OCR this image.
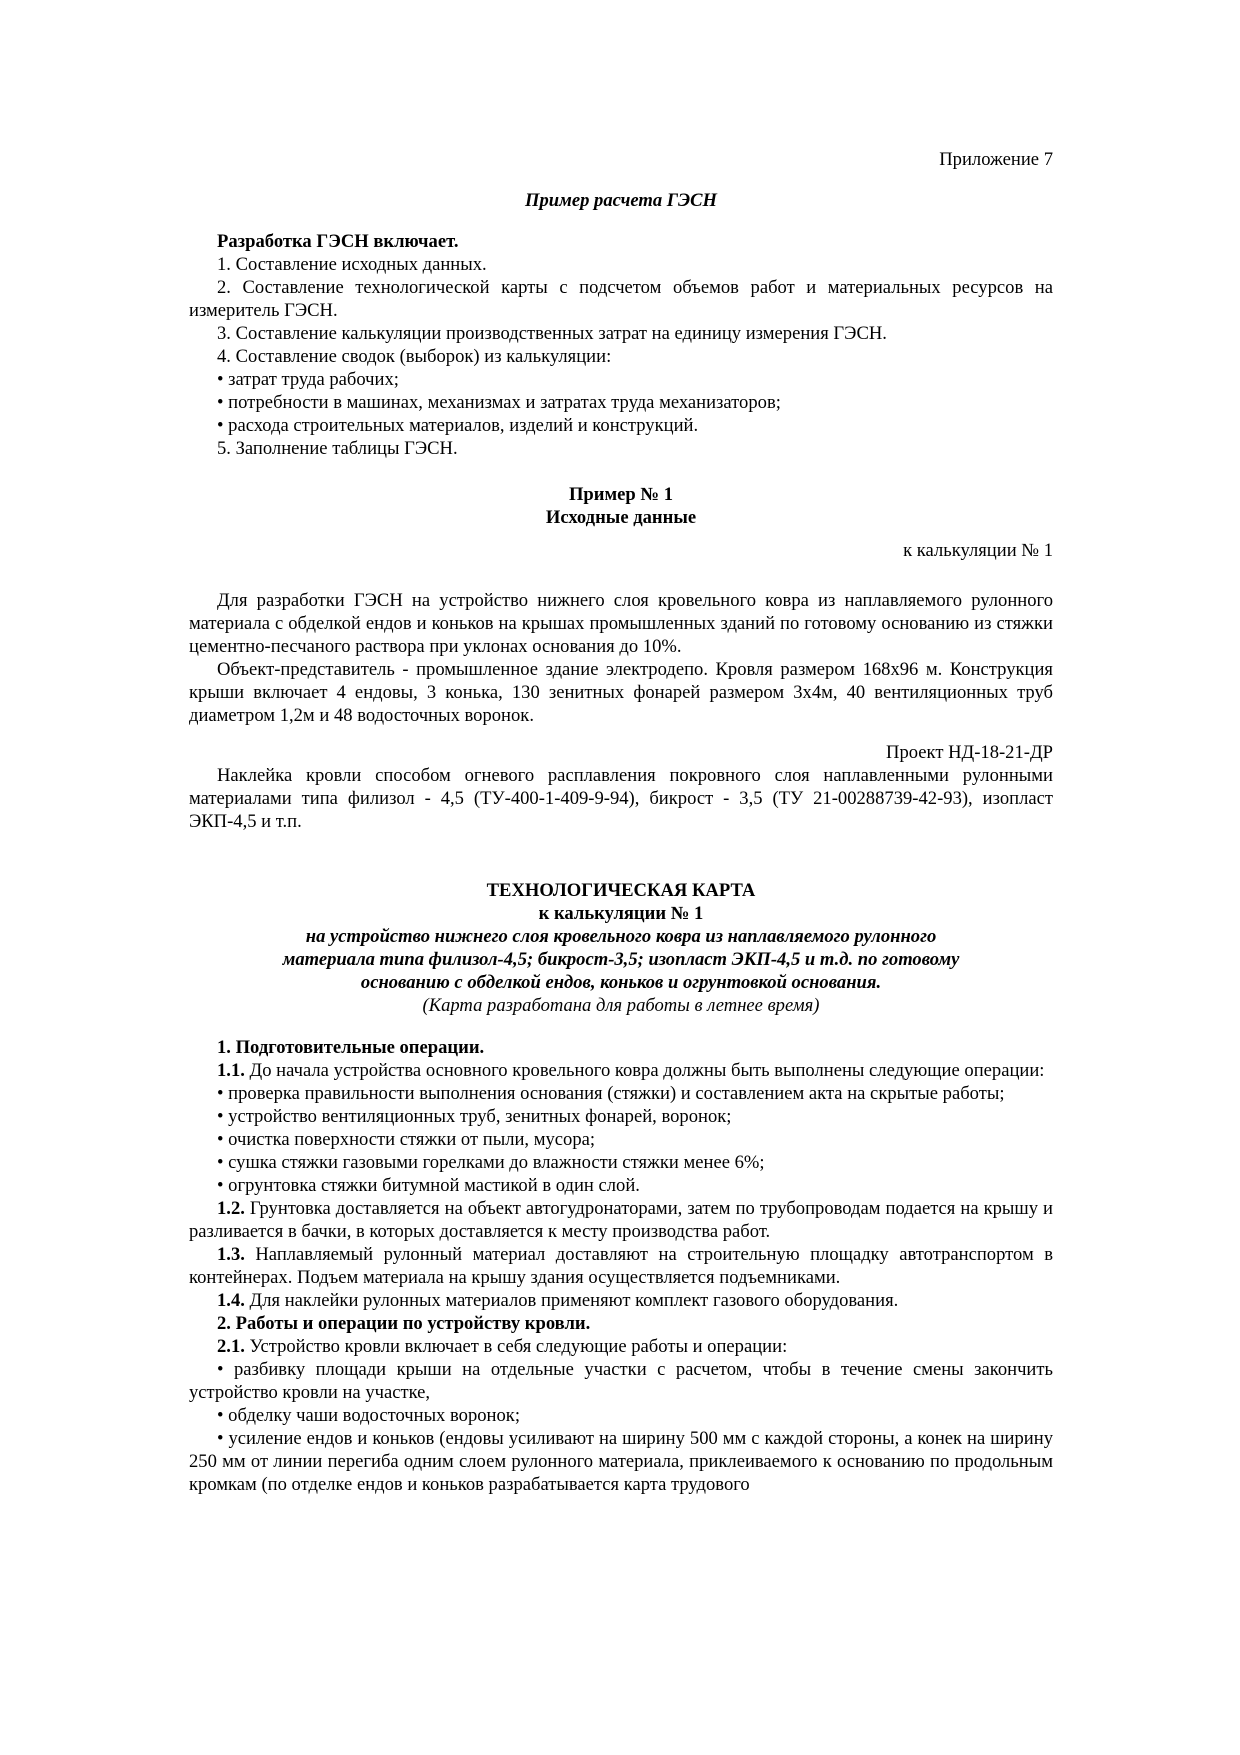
Приложение 7

Пример расчета ГЭСН

Разработка ГЭСН включает.

1. Составление исходных данных.

2. Составление технологической карты с подсчетом объемов работ и материальных ресурсов на измеритель ГЭСН.

3. Составление калькуляции производственных затрат на единицу измерения ГЭСН.

4. Составление сводок (выборок) из калькуляции:

• затрат труда рабочих;

• потребности в машинах, механизмах и затратах труда механизаторов;

• расхода строительных материалов, изделий и конструкций.

5. Заполнение таблицы ГЭСН.

Пример № 1

Исходные данные

к калькуляции № 1

Для разработки ГЭСН на устройство нижнего слоя кровельного ковра из наплавляемого рулонного материала с обделкой ендов и коньков на крышах промышленных зданий по готовому основанию из стяжки цементно-песчаного раствора при уклонах основания до 10%.

Объект-представитель - промышленное здание электродепо. Кровля размером 168х96 м. Конструкция крыши включает 4 ендовы, 3 конька, 130 зенитных фонарей размером 3х4м, 40 вентиляционных труб диаметром 1,2м и 48 водосточных воронок.

Проект НД-18-21-ДР

Наклейка кровли способом огневого расплавления покровного слоя наплавленными рулонными материалами типа филизол - 4,5 (ТУ-400-1-409-9-94), бикрост - 3,5 (ТУ 21-00288739-42-93), изопласт ЭКП-4,5 и т.п.

ТЕХНОЛОГИЧЕСКАЯ КАРТА

к калькуляции № 1

на устройство нижнего слоя кровельного ковра из наплавляемого рулонного

материала типа филизол-4,5; бикрост-3,5; изопласт ЭКП-4,5 и т.д. по готовому

основанию с обделкой ендов, коньков и огрунтовкой основания.

(Карта разработана для работы в летнее время)

1. Подготовительные операции.

1.1. До начала устройства основного кровельного ковра должны быть выполнены следующие операции:

• проверка правильности выполнения основания (стяжки) и составлением акта на скрытые работы;

• устройство вентиляционных труб, зенитных фонарей, воронок;

• очистка поверхности стяжки от пыли, мусора;

• сушка стяжки газовыми горелками до влажности стяжки менее 6%;

• огрунтовка стяжки битумной мастикой в один слой.

1.2. Грунтовка доставляется на объект автогудронаторами, затем по трубопроводам подается на крышу и разливается в бачки, в которых доставляется к месту производства работ.

1.3. Наплавляемый рулонный материал доставляют на строительную площадку автотранспортом в контейнерах. Подъем материала на крышу здания осуществляется подъемниками.

1.4. Для наклейки рулонных материалов применяют комплект газового оборудования.

2. Работы и операции по устройству кровли.

2.1. Устройство кровли включает в себя следующие работы и операции:

• разбивку площади крыши на отдельные участки с расчетом, чтобы в течение смены закончить устройство кровли на участке,

• обделку чаши водосточных воронок;

• усиление ендов и коньков (ендовы усиливают на ширину 500 мм с каждой стороны, а конек на ширину 250 мм от линии перегиба одним слоем рулонного материала, приклеиваемого к основанию по продольным кромкам (по отделке ендов и коньков разрабатывается карта трудового
